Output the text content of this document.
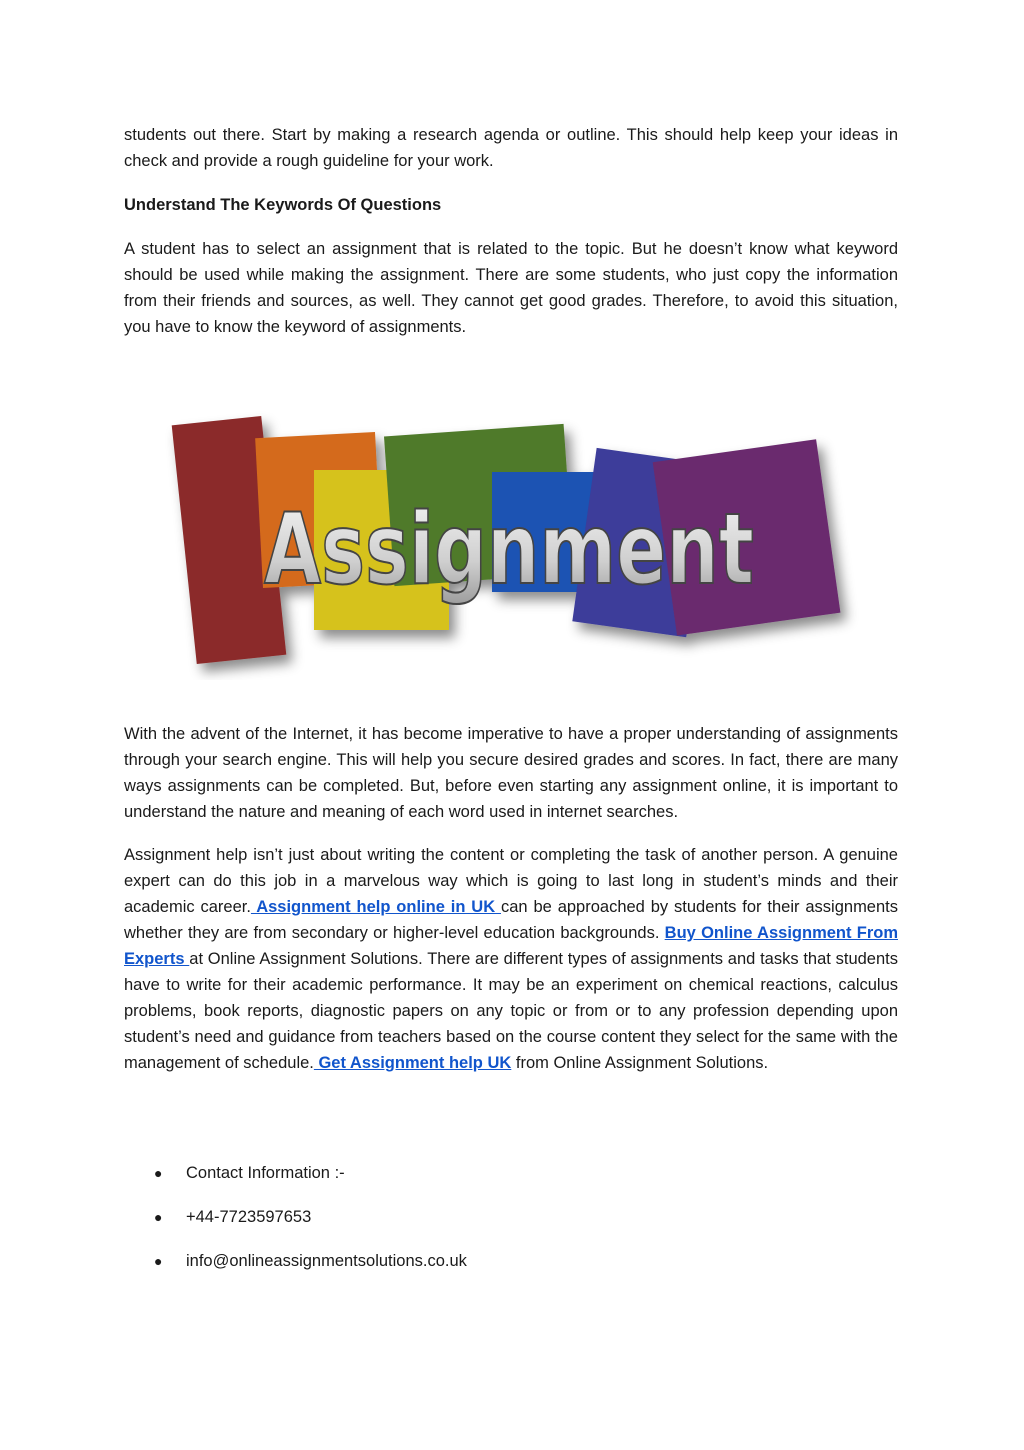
students out there. Start by making a research agenda or outline. This should help keep your ideas in check and provide a rough guideline for your work.

Understand The Keywords Of Questions

A student has to select an assignment that is related to the topic. But he doesn’t know what keyword should be used while making the assignment. There are some students, who just copy the information from their friends and sources, as well. They cannot get good grades. Therefore, to avoid this situation, you have to know the keyword of assignments.

Assignment

With the advent of the Internet, it has become imperative to have a proper understanding of assignments through your search engine. This will help you secure desired grades and scores. In fact, there are many ways assignments can be completed. But, before even starting any assignment online, it is important to understand the nature and meaning of each word used in internet searches.

Assignment help isn’t just about writing the content or completing the task of another person. A genuine expert can do this job in a marvelous way which is going to last long in student’s minds and their academic career. Assignment help online in UK can be approached by students for their assignments whether they are from secondary or higher-level education backgrounds. Buy Online Assignment From Experts at Online Assignment Solutions. There are different types of assignments and tasks that students have to write for their academic performance. It may be an experiment on chemical reactions, calculus problems, book reports, diagnostic papers on any topic or from or to any profession depending upon student’s need and guidance from teachers based on the course content they select for the same with the management of schedule. Get Assignment help UK from Online Assignment Solutions.

● Contact Information :-
● +44-7723597653
● info@onlineassignmentsolutions.co.uk
